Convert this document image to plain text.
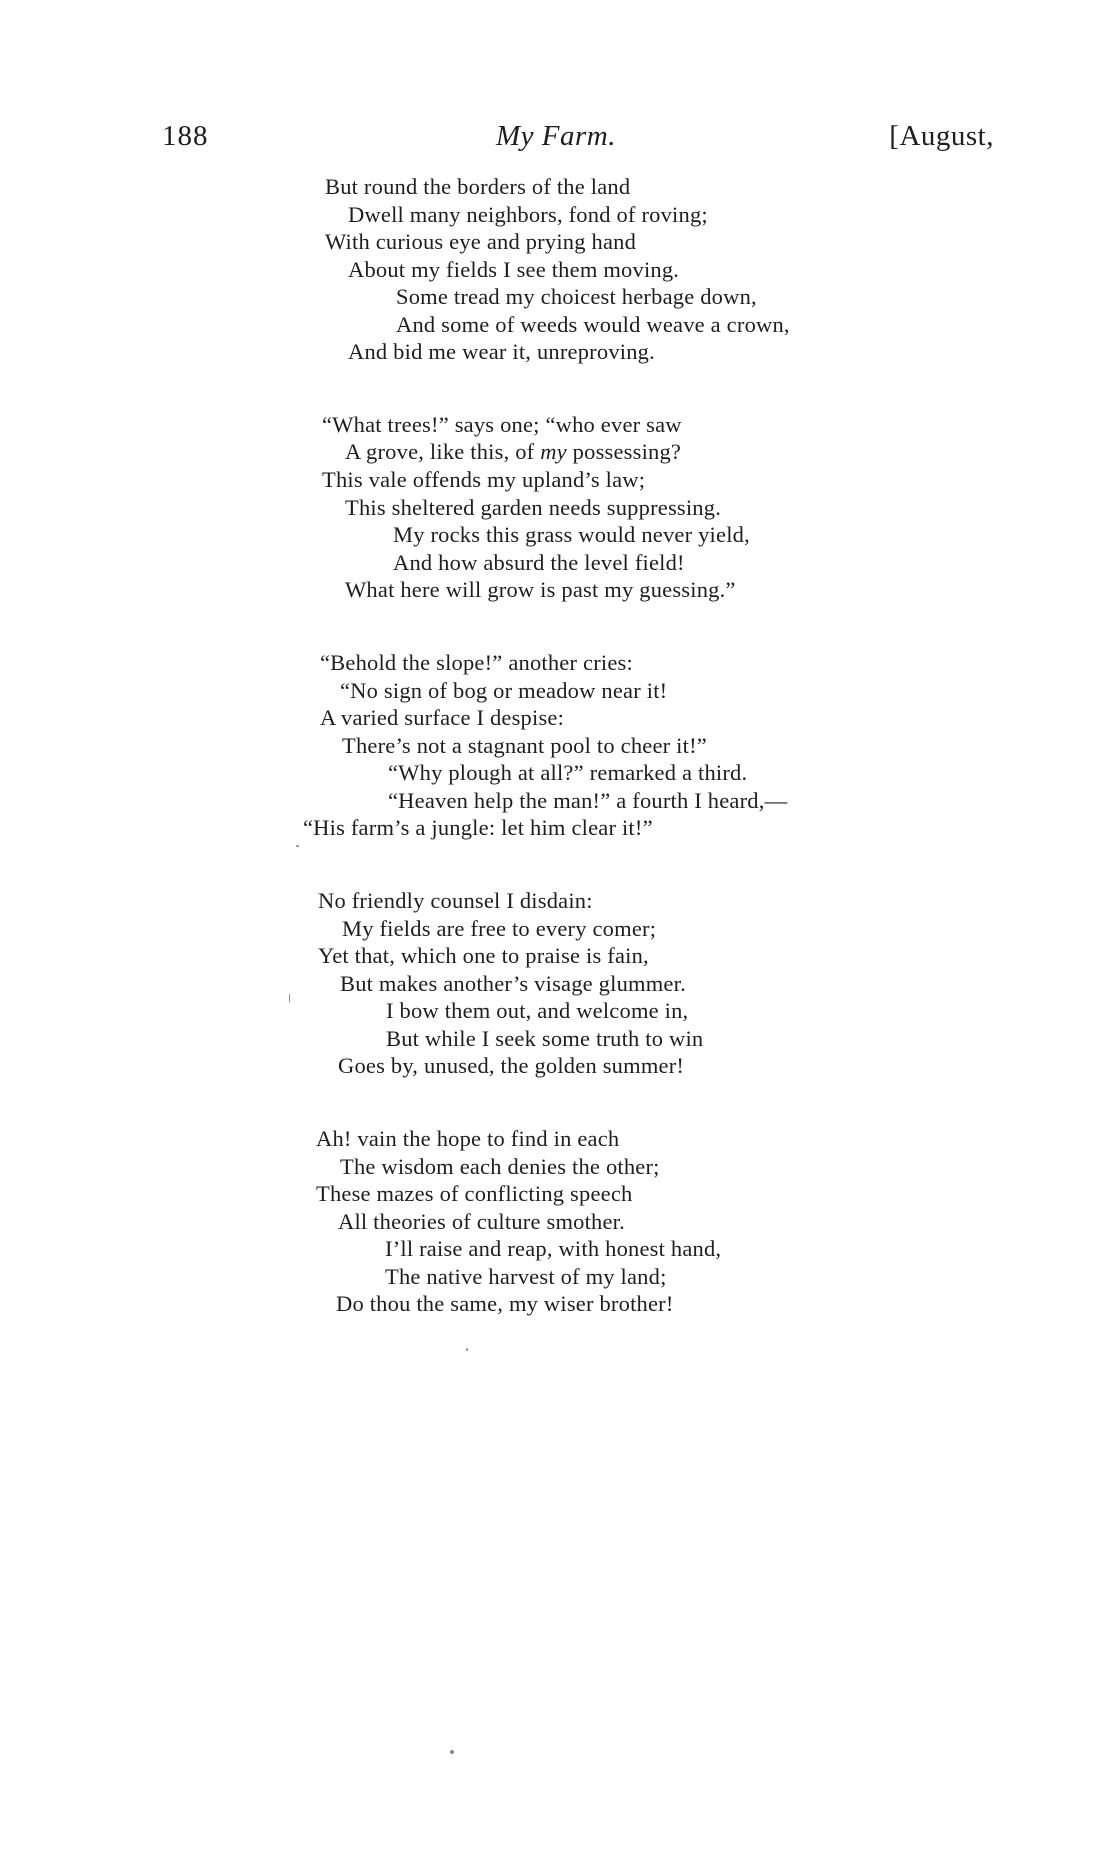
188	My Farm.	[August,
But round the borders of the land
Dwell many neighbors, fond of roving;
With curious eye and prying hand
About my fields I see them moving.
Some tread my choicest herbage down,
And some of weeds would weave a crown,
And bid me wear it, unreproving.
“What trees!” says one; “who ever saw
A grove, like this, of my possessing?
This vale offends my upland’s law;
This sheltered garden needs suppressing.
My rocks this grass would never yield,
And how absurd the level field!
What here will grow is past my guessing.”
“Behold the slope!” another cries:
“No sign of bog or meadow near it!
A varied surface I despise:
There’s not a stagnant pool to cheer it!”
“Why plough at all?” remarked a third.
“Heaven help the man!” a fourth I heard,—
“His farm’s a jungle: let him clear it!”
No friendly counsel I disdain:
My fields are free to every comer;
Yet that, which one to praise is fain,
But makes another’s visage glummer.
I bow them out, and welcome in,
But while I seek some truth to win
Goes by, unused, the golden summer!
Ah! vain the hope to find in each
The wisdom each denies the other;
These mazes of conflicting speech
All theories of culture smother.
I’ll raise and reap, with honest hand,
The native harvest of my land;
Do thou the same, my wiser brother!
